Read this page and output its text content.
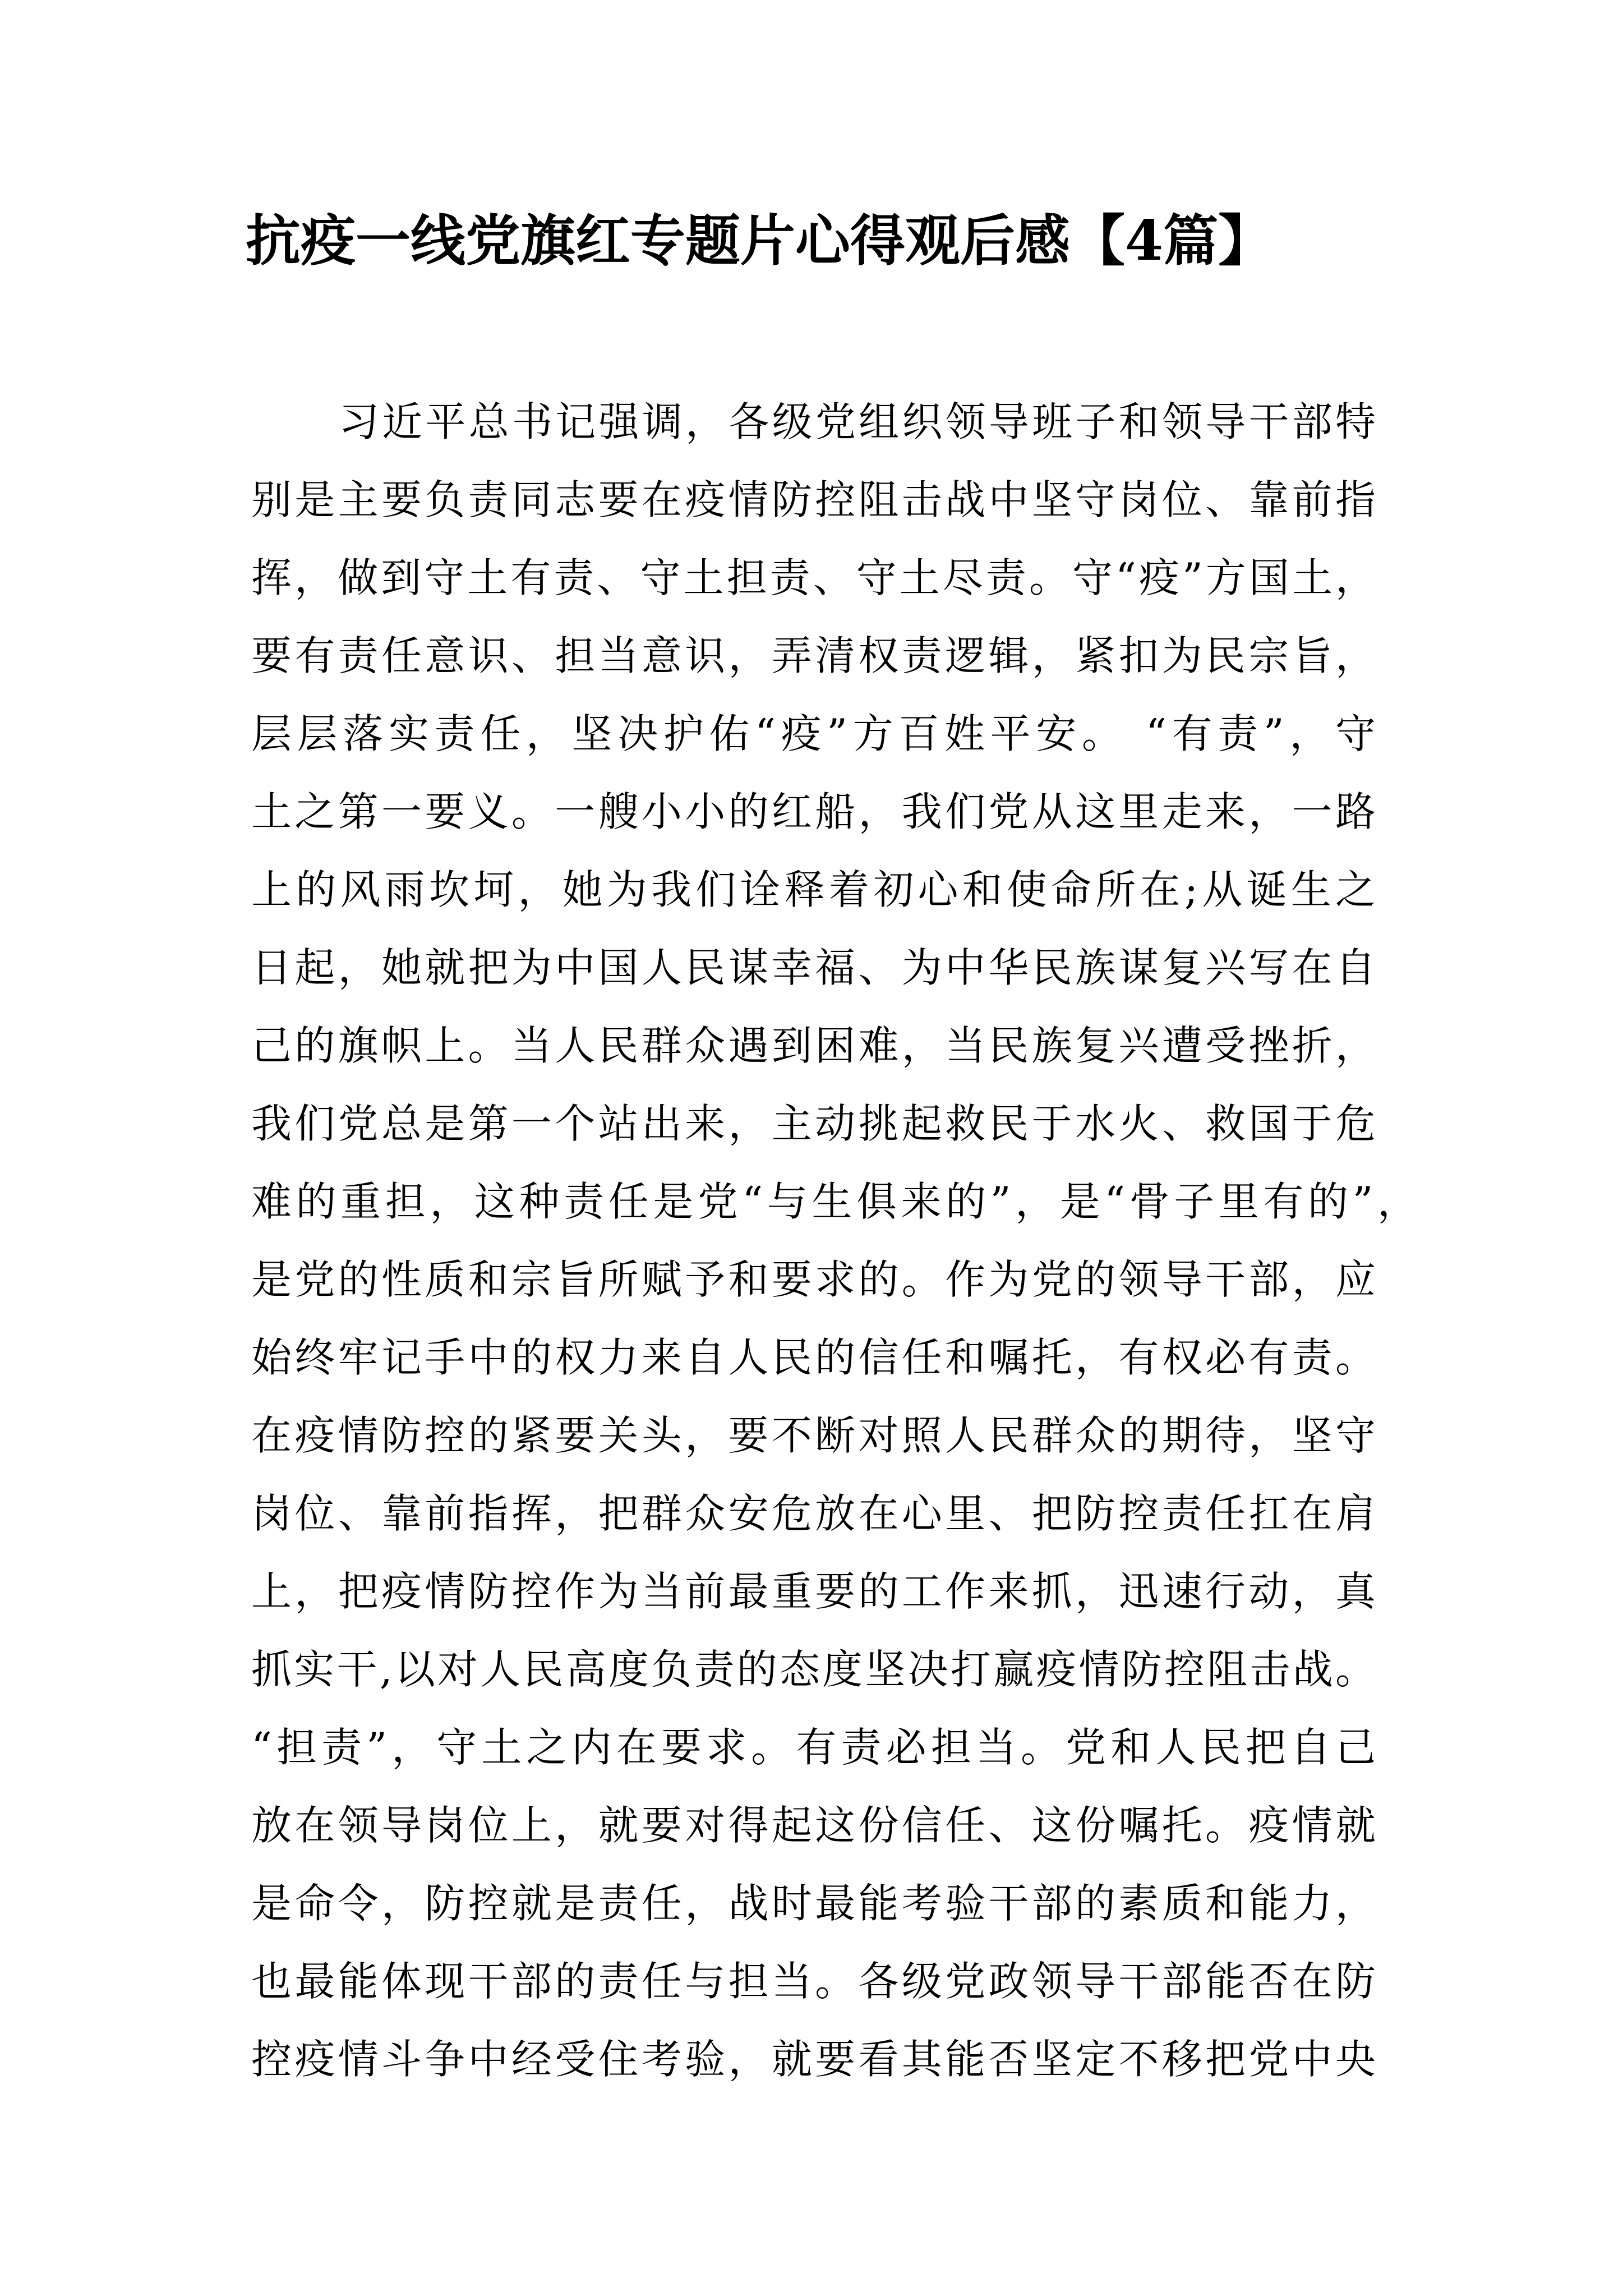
抗疫一线党旗红专题片心得观后感【4篇】
习近平总书记强调，各级党组织领导班子和领导干部特
别是主要负责同志要在疫情防控阻击战中坚守岗位、靠前指
挥，做到守土有责、守土担责、守土尽责。守“疫”方国土，
要有责任意识、担当意识，弄清权责逻辑，紧扣为民宗旨，
层层落实责任，坚决护佑“疫”方百姓平安。 “有责”，守
土之第一要义。一艘小小的红船，我们党从这里走来，一路
上的风雨坎坷，她为我们诠释着初心和使命所在;从诞生之
日起，她就把为中国人民谋幸福、为中华民族谋复兴写在自
己的旗帜上。当人民群众遇到困难，当民族复兴遭受挫折，
我们党总是第一个站出来，主动挑起救民于水火、救国于危
难的重担，这种责任是党“与生俱来的”，是“骨子里有的”，
是党的性质和宗旨所赋予和要求的。作为党的领导干部，应
始终牢记手中的权力来自人民的信任和嘱托，有权必有责。
在疫情防控的紧要关头，要不断对照人民群众的期待，坚守
岗位、靠前指挥，把群众安危放在心里、把防控责任扛在肩
上，把疫情防控作为当前最重要的工作来抓，迅速行动，真
抓实干,以对人民高度负责的态度坚决打赢疫情防控阻击战。
“担责”，守土之内在要求。有责必担当。党和人民把自己
放在领导岗位上，就要对得起这份信任、这份嘱托。疫情就
是命令，防控就是责任，战时最能考验干部的素质和能力，
也最能体现干部的责任与担当。各级党政领导干部能否在防
控疫情斗争中经受住考验，就要看其能否坚定不移把党中央
